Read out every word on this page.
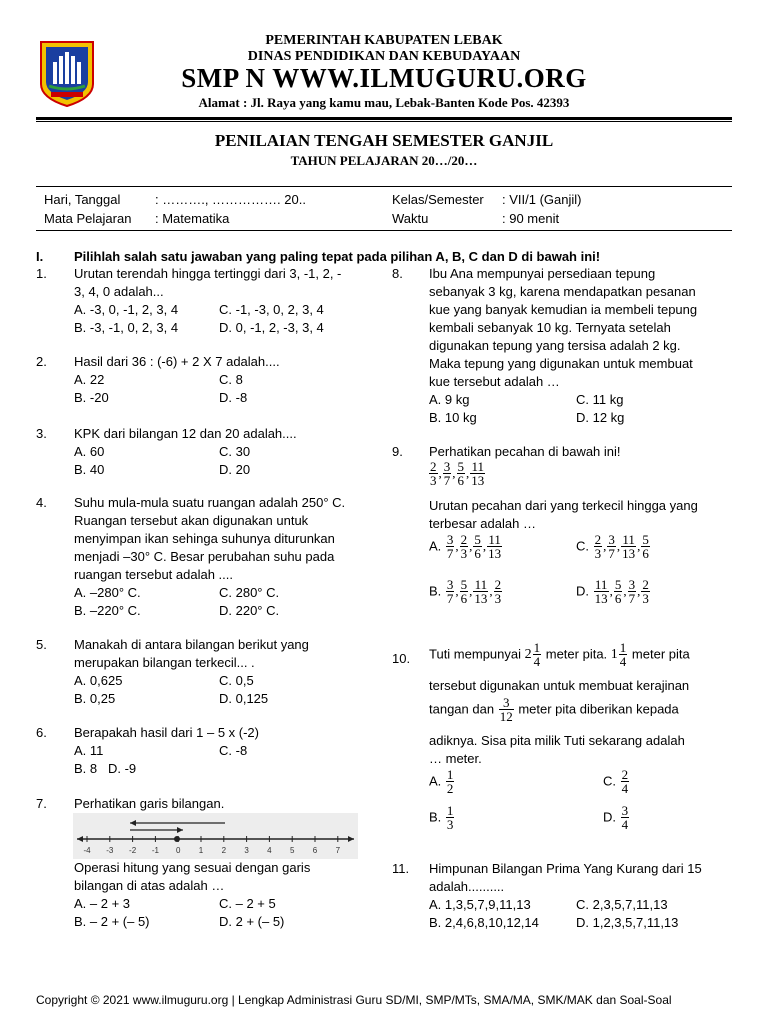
PEMERINTAH KABUPATEN LEBAK
DINAS PENDIDIKAN DAN KEBUDAYAAN
SMP N WWW.ILMUGURU.ORG
Alamat : Jl. Raya yang kamu mau, Lebak-Banten Kode Pos. 42393
PENILAIAN TENGAH SEMESTER GANJIL
TAHUN PELAJARAN 20…/20…
Hari, Tanggal	: ………., ……………. 20..	Kelas/Semester : VII/1 (Ganjil)
Mata Pelajaran : Matematika	Waktu	: 90 menit
I. Pilihlah salah satu jawaban yang paling tepat pada pilihan A, B, C dan D di bawah ini!
1. Urutan terendah hingga tertinggi dari 3, -1, 2, -
3, 4, 0 adalah...
A. -3, 0, -1, 2, 3, 4	C. -1, -3, 0, 2, 3, 4
B. -3, -1, 0, 2, 3, 4	D. 0, -1, 2, -3, 3, 4
2. Hasil dari 36 : (-6) + 2 X 7 adalah....
A. 22	C. 8
B. -20	D. -8
3. KPK dari bilangan 12 dan 20 adalah....
A. 60	C. 30
B. 40	D. 20
4. Suhu mula-mula suatu ruangan adalah 250° C.
Ruangan tersebut akan digunakan untuk
menyimpan ikan sehinga suhunya diturunkan
menjadi –30° C. Besar perubahan suhu pada
ruangan tersebut adalah ....
A. –280° C.	C. 280° C.
B. –220° C.	D. 220° C.
5. Manakah di antara bilangan berikut yang
merupakan bilangan terkecil... .
A. 0,625	C. 0,5
B. 0,25	D. 0,125
6. Berapakah hasil dari 1 – 5 x (-2)
A. 11	C. -8
B. 8   D. -9
7. Perhatikan garis bilangan.
-4 -3 -2 -1 0 1 2 3 4 5 6 7
Operasi hitung yang sesuai dengan garis
bilangan di atas adalah …
A. – 2 + 3	C. – 2 + 5
B. – 2 + (– 5)	D. 2 + (– 5)
8. Ibu Ana mempunyai persediaan tepung
sebanyak 3 kg, karena mendapatkan pesanan
kue yang banyak kemudian ia membeli tepung
kembali sebanyak 10 kg. Ternyata setelah
digunakan tepung yang tersisa adalah 2 kg.
Maka tepung yang digunakan untuk membuat
kue tersebut adalah …
A. 9 kg	C. 11 kg
B. 10 kg	D. 12 kg
9. Perhatikan pecahan di bawah ini!
$\frac{2}{3}$ , $\frac{3}{7}$ , $\frac{5}{6}$ , $\frac{11}{13}$
Urutan pecahan dari yang terkecil hingga yang
terbesar adalah …
A. $\frac{3}{7}$ , $\frac{2}{3}$ , $\frac{5}{6}$ , $\frac{11}{13}$	C. $\frac{2}{3}$ , $\frac{3}{7}$ , $\frac{11}{13}$ , $\frac{5}{6}$
B. $\frac{3}{7}$ , $\frac{5}{6}$ , $\frac{11}{13}$ , $\frac{2}{3}$	D. $\frac{11}{13}$ , $\frac{5}{6}$ , $\frac{3}{7}$ , $\frac{2}{3}$
10. Tuti mempunyai $2 \frac{1}{4}$ meter pita. $1 \frac{1}{4}$ meter pita
tersebut digunakan untuk membuat kerajinan
tangan dan $\frac{3}{12}$ meter pita diberikan kepada
adiknya. Sisa pita milik Tuti sekarang adalah
… meter.
A. $\frac{1}{2}$	C. $\frac{2}{4}$
B. $\frac{1}{3}$	D. $\frac{3}{4}$
11. Himpunan Bilangan Prima Yang Kurang dari 15
adalah..........
A. 1,3,5,7,9,11,13	C. 2,3,5,7,11,13
B. 2,4,6,8,10,12,14	D. 1,2,3,5,7,11,13
Copyright © 2021 www.ilmuguru.org | Lengkap Administrasi Guru SD/MI, SMP/MTs, SMA/MA, SMK/MAK dan Soal-Soal
